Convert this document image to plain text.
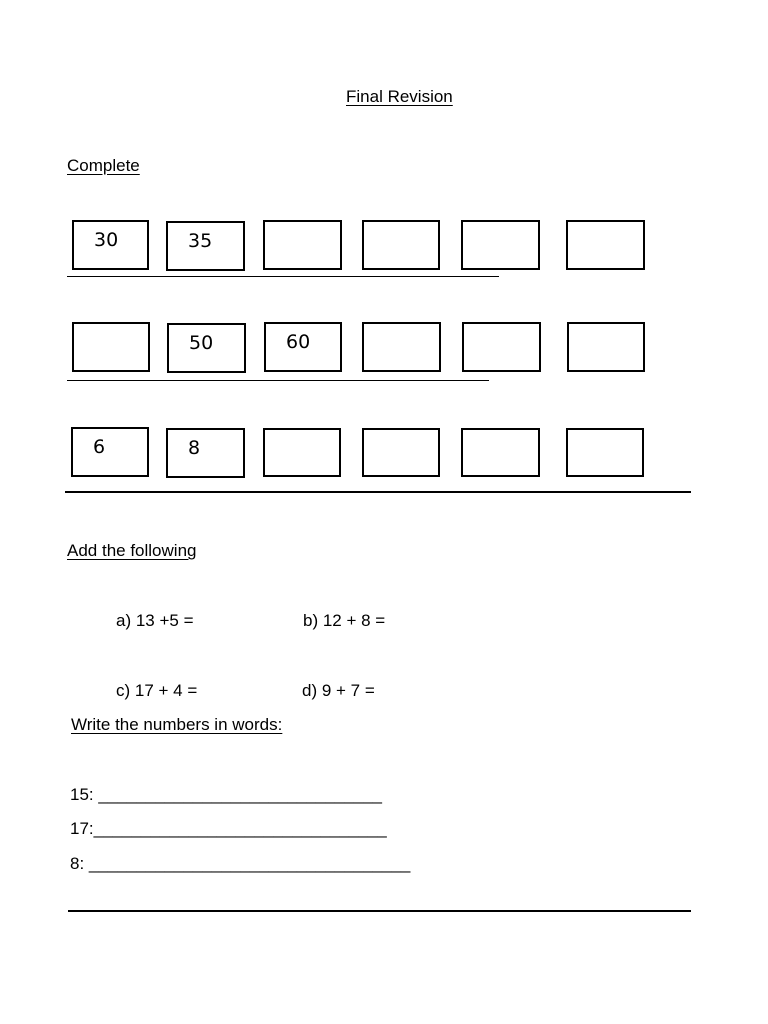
Final Revision
Complete
30	35
50	60
6	8
Add the following
a) 13 +5 =	b) 12 + 8 =
c) 17 + 4 =	d) 9 + 7 =
Write the numbers in words:
15: ______________________________
17:_______________________________
8: __________________________________
